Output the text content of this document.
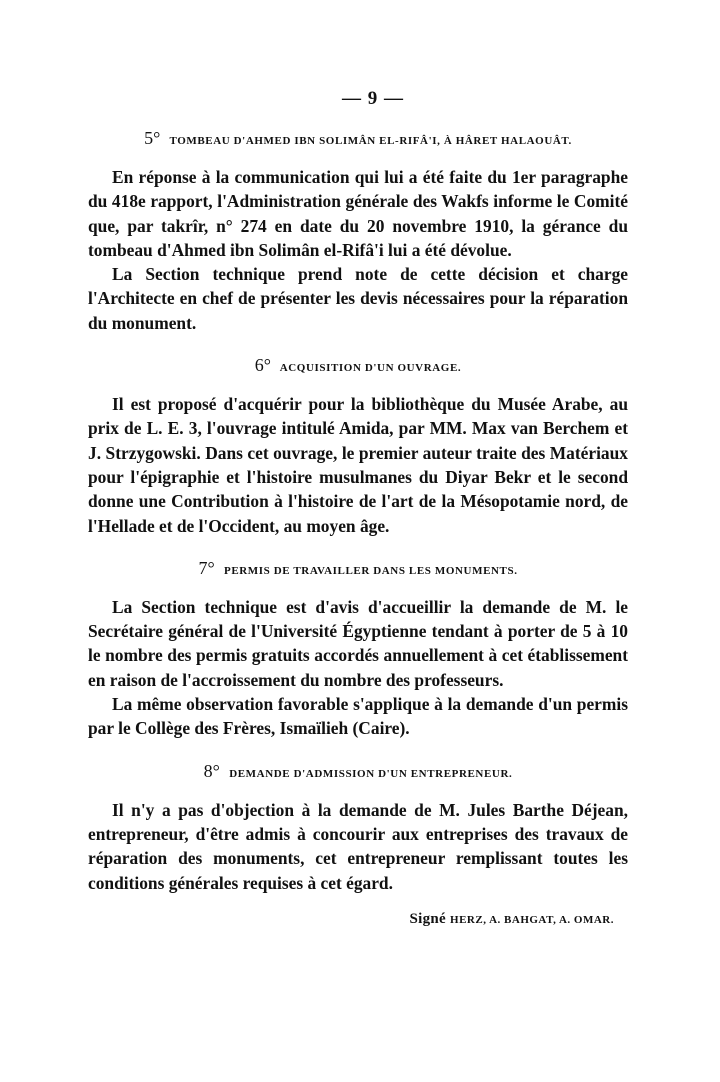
— 9 —
5° TOMBEAU D'AHMED IBN SOLIMÂN EL-RIFÂ'I, À HÂRET HALAOUÂT.

En réponse à la communication qui lui a été faite du 1er paragraphe du 418e rapport, l'Administration générale des Wakfs informe le Comité que, par takrîr, n° 274 en date du 20 novembre 1910, la gérance du tombeau d'Ahmed ibn Solimân el-Rifâ'i lui a été dévolue.

La Section technique prend note de cette décision et charge l'Architecte en chef de présenter les devis nécessaires pour la réparation du monument.

6° ACQUISITION D'UN OUVRAGE.

Il est proposé d'acquérir pour la bibliothèque du Musée Arabe, au prix de L. E. 3, l'ouvrage intitulé Amida, par MM. Max van Berchem et J. Strzygowski. Dans cet ouvrage, le premier auteur traite des Matériaux pour l'épigraphie et l'histoire musulmanes du Diyar Bekr et le second donne une Contribution à l'histoire de l'art de la Mésopotamie nord, de l'Hellade et de l'Occident, au moyen âge.

7° PERMIS DE TRAVAILLER DANS LES MONUMENTS.

La Section technique est d'avis d'accueillir la demande de M. le Secrétaire général de l'Université Égyptienne tendant à porter de 5 à 10 le nombre des permis gratuits accordés annuellement à cet établissement en raison de l'accroissement du nombre des professeurs.

La même observation favorable s'applique à la demande d'un permis par le Collège des Frères, Ismaïlieh (Caire).

8° DEMANDE D'ADMISSION D'UN ENTREPRENEUR.

Il n'y a pas d'objection à la demande de M. Jules Barthe Déjean, entrepreneur, d'être admis à concourir aux entreprises des travaux de réparation des monuments, cet entrepreneur remplissant toutes les conditions générales requises à cet égard.

Signé HERZ, A. BAHGAT, A. OMAR.
